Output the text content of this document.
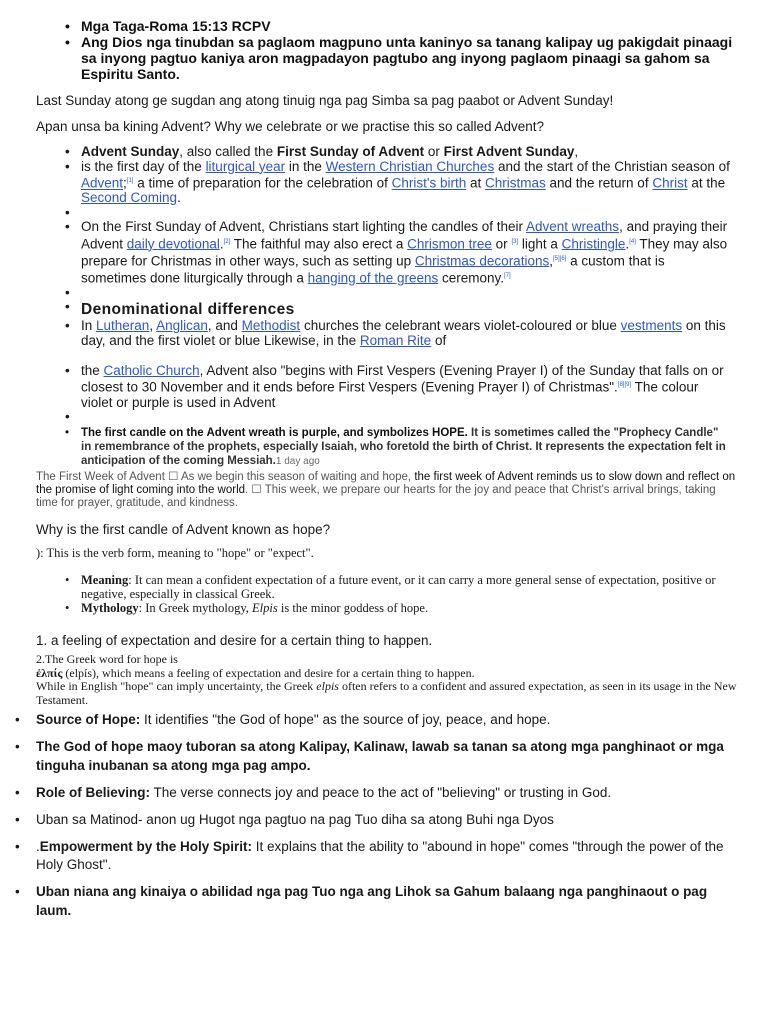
• Mga Taga-Roma 15:13 RCPV
• Ang Dios nga tinubdan sa paglaom magpuno unta kaninyo sa tanang kalipay ug pakigdait pinaagi sa inyong pagtuo kaniya aron magpadayon pagtubo ang inyong paglaom pinaagi sa gahom sa Espiritu Santo.
Last Sunday atong ge sugdan ang atong tinuig nga pag Simba sa pag paabot or Advent Sunday!
Apan unsa ba kining Advent? Why we celebrate or we practise this so called Advent?
• Advent Sunday, also called the First Sunday of Advent or First Advent Sunday,
• is the first day of the liturgical year in the Western Christian Churches and the start of the Christian season of Advent;[1] a time of preparation for the celebration of Christ's birth at Christmas and the return of Christ at the Second Coming.
•
• On the First Sunday of Advent, Christians start lighting the candles of their Advent wreaths, and praying their Advent daily devotional.[2] The faithful may also erect a Chrismon tree or [3] light a Christingle.[4] They may also prepare for Christmas in other ways, such as setting up Christmas decorations,[5][6] a custom that is sometimes done liturgically through a hanging of the greens ceremony.[7]
•
• Denominational differences
• In Lutheran, Anglican, and Methodist churches the celebrant wears violet-coloured or blue vestments on this day, and the first violet or blue Likewise, in the Roman Rite of
• the Catholic Church, Advent also "begins with First Vespers (Evening Prayer I) of the Sunday that falls on or closest to 30 November and it ends before First Vespers (Evening Prayer I) of Christmas".[8][9] The colour violet or purple is used in Advent
•
• The first candle on the Advent wreath is purple, and symbolizes HOPE. It is sometimes called the "Prophecy Candle" in remembrance of the prophets, especially Isaiah, who foretold the birth of Christ. It represents the expectation felt in anticipation of the coming Messiah.1 day ago
The First Week of Advent ☐ As we begin this season of waiting and hope, the first week of Advent reminds us to slow down and reflect on the promise of light coming into the world. ☐ This week, we prepare our hearts for the joy and peace that Christ's arrival brings, taking time for prayer, gratitude, and kindness.
Why is the first candle of Advent known as hope?
): This is the verb form, meaning to "hope" or "expect".
• Meaning: It can mean a confident expectation of a future event, or it can carry a more general sense of expectation, positive or negative, especially in classical Greek.
• Mythology: In Greek mythology, Elpis is the minor goddess of hope.
1. a feeling of expectation and desire for a certain thing to happen.
2.The Greek word for hope is
ἐλπίς (elpís), which means a feeling of expectation and desire for a certain thing to happen.
While in English "hope" can imply uncertainty, the Greek elpis often refers to a confident and assured expectation, as seen in its usage in the New Testament.
• Source of Hope: It identifies "the God of hope" as the source of joy, peace, and hope.
• The God of hope maoy tuboran sa atong Kalipay, Kalinaw, lawab sa tanan sa atong mga panghinaot or mga tinguha inubanan sa atong mga pag ampo.
• Role of Believing: The verse connects joy and peace to the act of "believing" or trusting in God.
• Uban sa Matinod- anon ug Hugot nga pagtuo na pag Tuo diha sa atong Buhi nga Dyos
• .Empowerment by the Holy Spirit: It explains that the ability to "abound in hope" comes "through the power of the Holy Ghost".
• Uban niana ang kinaiya o abilidad nga pag Tuo nga ang Lihok sa Gahum balaang nga panghinaout o pag laum.
